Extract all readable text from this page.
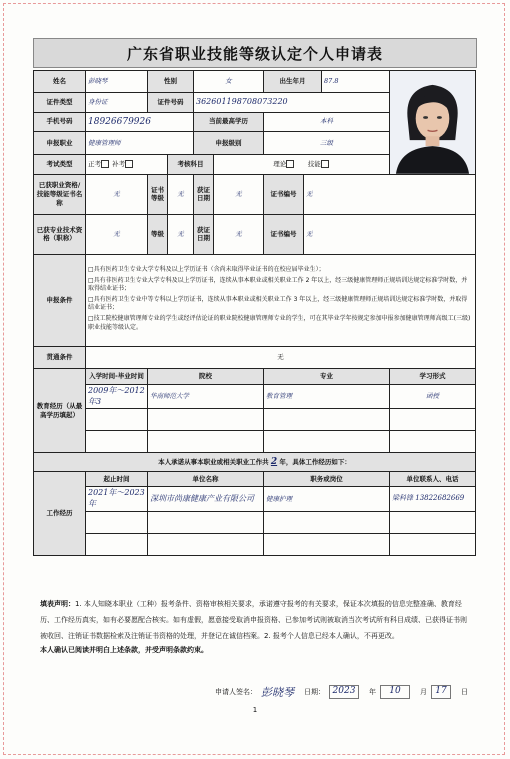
广东省职业技能等级认定个人申请表
姓名	彭晓琴	性别		女		出生年月		87.8	

证件类型	身份证	证件号码		362601198708073220					
手机号码	18926679926			当前最高学历		本科			
申报职业	健康管理师			申报级别		三级			
考试类型	正考 补考		考核科目		理论 技能				
已获职业资格/技能等级证书名称	无	证书等级	无	获证日期	无	证书编号	无		
已获专业技术资格（职称）	无	等级	无	获证日期	无	证书编号	无		
申报条件	□具有医药卫生专业大学专科及以上学历证书（含尚未取得毕业证书的在校应届毕业生）；

□具有非医药卫生专业大学专科及以上学历证书，连续从事本职业或相关职业工作 2 年以上，经三级健康管理师正规培训达规定标准学时数，并取得结业证书；

□具有医药卫生专业中等专科以上学历证书，连续从事本职业或相关职业工作 3 年以上，经三级健康管理师正规培训达规定标准学时数，并取得结业证书；

□技工院校健康管理师专业的学生或经评估论证的职业院校健康管理师专业的学生，可在其毕业学年按规定参加申报参加健康管理师高级工(三级)职业技能等级认定。								

贯通条件	无								
教育经历（从最高学历填起）	入学时间-毕业时间	院校				专业			学习形式
	2009年～2012年3	华南师范大学				教育管理			函授

本人承诺从事本职业或相关职业工作共 2 年，具体工作经历如下：									
工作经历	起止时间	单位名称				职务或岗位			单位联系人、电话
	2021年～2023年	深圳市尚康健康产业有限公司				健康护理			梁科锋 13822682669

填表声明：1. 本人知晓本职业（工种）报考条件、资格审核相关要求，承诺遵守报考的有关要求，保证本次填报的信息完整准确、教育经历、工作经历真实，如有必要愿配合核实。如有虚假，愿意接受取消申报资格、已参加考试则被取消当次考试所有科目成绩、已获得证书则被收回、注销证书数据检索及注销证书资格的处理，并登记在诚信档案。2. 报考个人信息已经本人确认，不再更改。
本人确认已阅读并明白上述条款，并受声明条款约束。
申请人签名： 彭晓琴 日期： 2023	年	10	月 17	日
1
